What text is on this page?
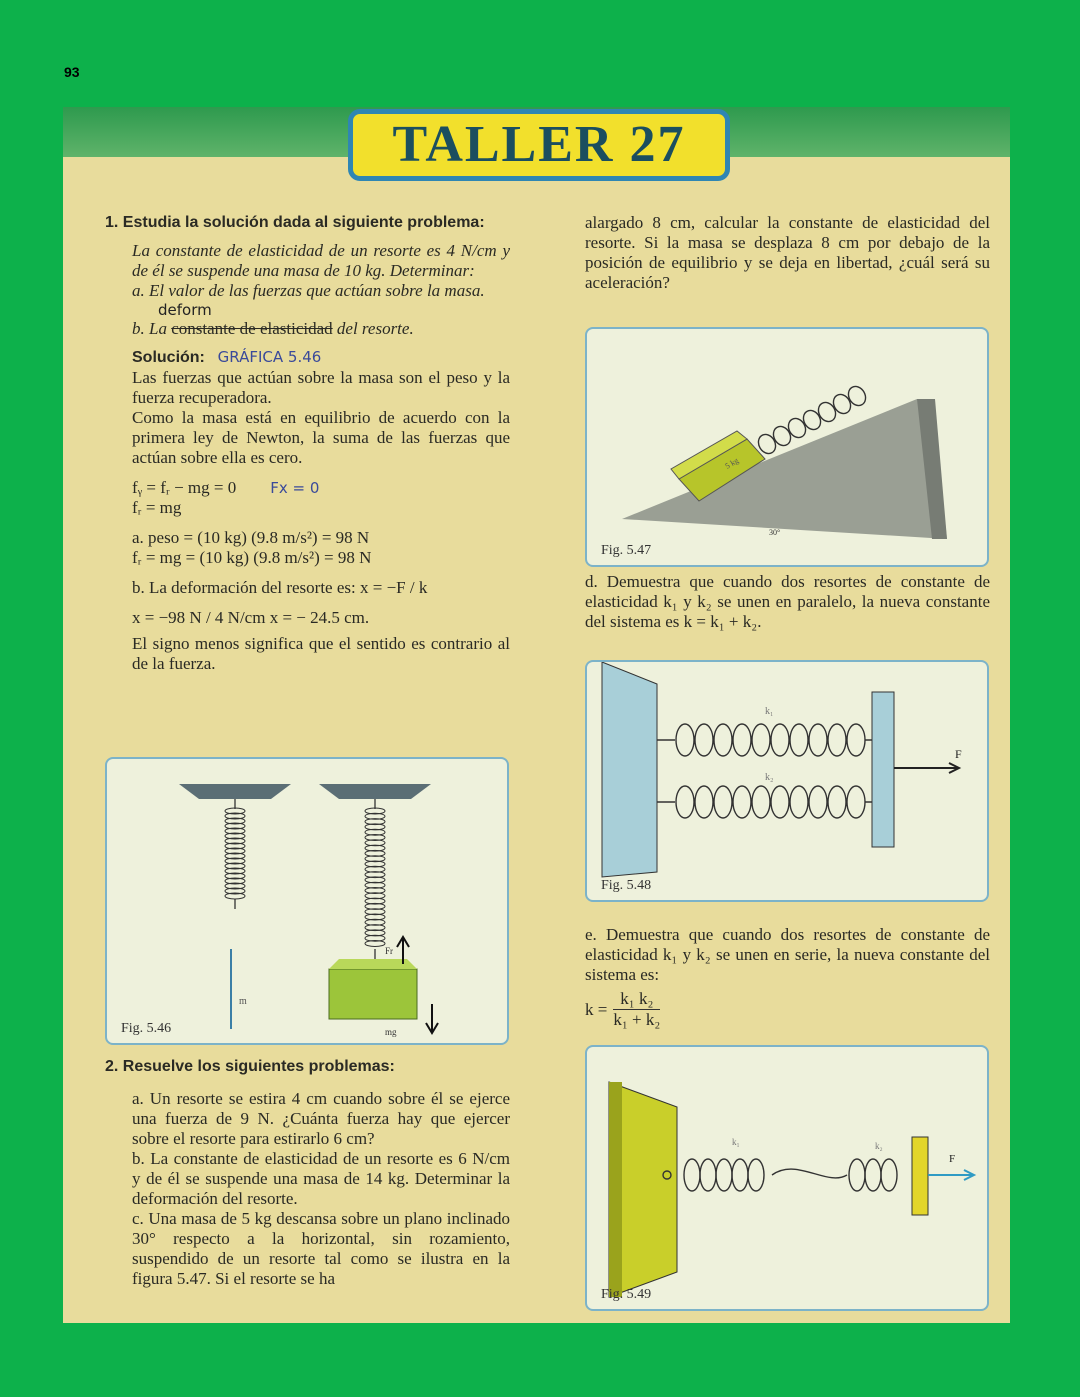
93
TALLER 27

1. Estudia la solución dada al siguiente problema:

La constante de elasticidad de un resorte es 4 N/cm y de él se suspende una masa de 10 kg. Determinar:

a. El valor de las fuerzas que actúan sobre la masa.

deform

b. La constante de elasticidad del resorte.

Solución: GRÁFICA 5.46

Las fuerzas que actúan sobre la masa son el peso y la fuerza recuperadora.

Como la masa está en equilibrio de acuerdo con la primera ley de Newton, la suma de las fuerzas que actúan sobre ella es cero.

fᵧ = fᵣ − mg = 0 Fx = 0

fᵣ = mg

a. peso = (10 kg) (9.8 m/s²) = 98 N

fᵣ = mg = (10 kg) (9.8 m/s²) = 98 N

b. La deformación del resorte es: x = −F / k

x = −98 N / 4 N/cm x = − 24.5 cm.

El signo menos significa que el sentido es contrario al de la fuerza.

m
Fr
mg
Fig. 5.46

2. Resuelve los siguientes problemas:

a. Un resorte se estira 4 cm cuando sobre él se ejerce una fuerza de 9 N. ¿Cuánta fuerza hay que ejercer sobre el resorte para estirarlo 6 cm?

b. La constante de elasticidad de un resorte es 6 N/cm y de él se suspende una masa de 14 kg. Determinar la deformación del resorte.

c. Una masa de 5 kg descansa sobre un plano inclinado 30° respecto a la horizontal, sin rozamiento, suspendido de un resorte tal como se ilustra en la figura 5.47. Si el resorte se ha

alargado 8 cm, calcular la constante de elasticidad del resorte. Si la masa se desplaza 8 cm por debajo de la posición de equilibrio y se deja en libertad, ¿cuál será su aceleración?

5 kg
30°
Fig. 5.47

d. Demuestra que cuando dos resortes de constante de elasticidad k₁ y k₂ se unen en paralelo, la nueva constante del sistema es k = k₁ + k₂.

k₁
k₂
F
Fig. 5.48

e. Demuestra que cuando dos resortes de constante de elasticidad k₁ y k₂ se unen en serie, la nueva constante del sistema es:

$k = \frac{\text{k₁ k₂}}{\text{k₁ + k₂}}$
k₁	k₂
F
Fig. 5.49
